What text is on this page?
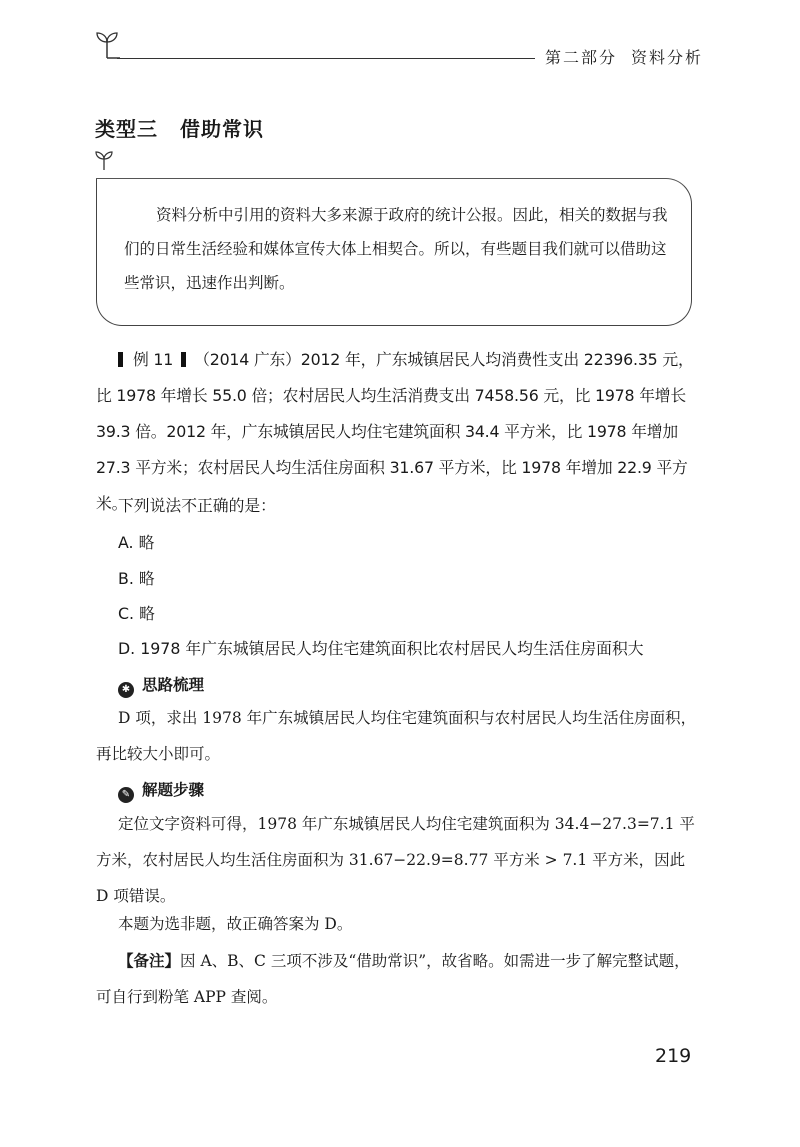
第二部分 资料分析
类型三 借助常识
资料分析中引用的资料大多来源于政府的统计公报。因此，相关的数据与我们的日常生活经验和媒体宣传大体上相契合。所以，有些题目我们就可以借助这些常识，迅速作出判断。
例 11 （2014 广东）2012 年，广东城镇居民人均消费性支出 22396.35 元，比 1978 年增长 55.0 倍；农村居民人均生活消费支出 7458.56 元，比 1978 年增长 39.3 倍。2012 年，广东城镇居民人均住宅建筑面积 34.4 平方米，比 1978 年增加 27.3 平方米；农村居民人均生活住房面积 31.67 平方米，比 1978 年增加 22.9 平方米。
下列说法不正确的是：
A. 略
B. 略
C. 略
D. 1978 年广东城镇居民人均住宅建筑面积比农村居民人均生活住房面积大
✱ 思路梳理
D 项，求出 1978 年广东城镇居民人均住宅建筑面积与农村居民人均生活住房面积，再比较大小即可。
✎ 解题步骤
定位文字资料可得，1978 年广东城镇居民人均住宅建筑面积为 34.4−27.3=7.1 平方米，农村居民人均生活住房面积为 31.67−22.9=8.77 平方米 > 7.1 平方米，因此 D 项错误。
本题为选非题，故正确答案为 D。
【备注】因 A、B、C 三项不涉及“借助常识”，故省略。如需进一步了解完整试题，可自行到粉笔 APP 查阅。
219
